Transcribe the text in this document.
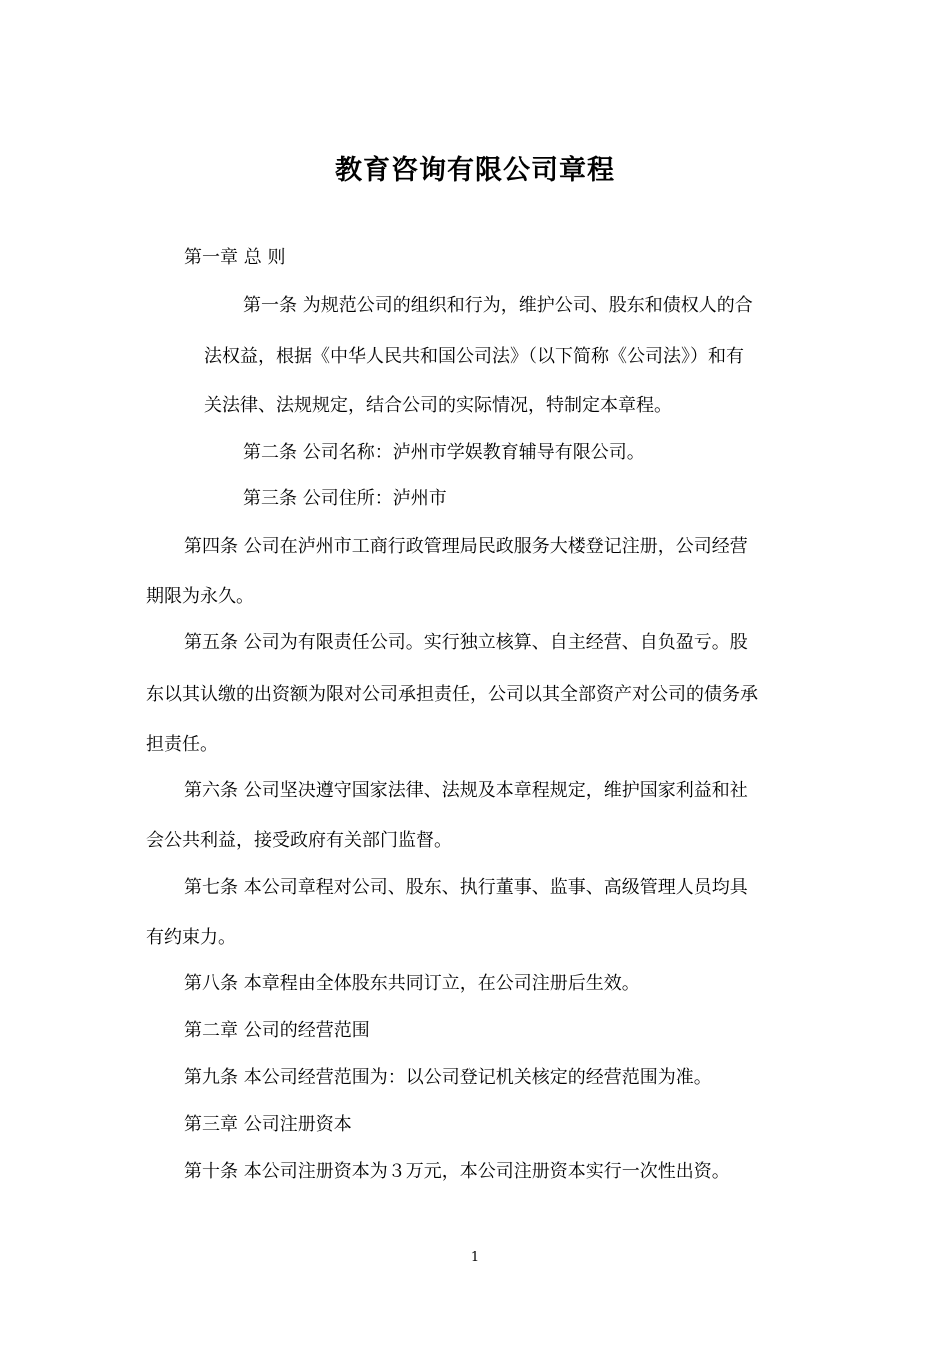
教育咨询有限公司章程
第一章 总 则
第一条 为规范公司的组织和行为，维护公司、股东和债权人的合
法权益，根据《中华人民共和国公司法》（以下简称《公司法》）和有
关法律、法规规定，结合公司的实际情况，特制定本章程。
第二条 公司名称：泸州市学娱教育辅导有限公司。
第三条 公司住所：泸州市
第四条 公司在泸州市工商行政管理局民政服务大楼登记注册，公司经营
期限为永久。
第五条 公司为有限责任公司。实行独立核算、自主经营、自负盈亏。股
东以其认缴的出资额为限对公司承担责任，公司以其全部资产对公司的债务承
担责任。
第六条 公司坚决遵守国家法律、法规及本章程规定，维护国家利益和社
会公共利益，接受政府有关部门监督。
第七条 本公司章程对公司、股东、执行董事、监事、高级管理人员均具
有约束力。
第八条 本章程由全体股东共同订立，在公司注册后生效。
第二章 公司的经营范围
第九条 本公司经营范围为：以公司登记机关核定的经营范围为准。
第三章 公司注册资本
第十条 本公司注册资本为３万元，本公司注册资本实行一次性出资。
1
